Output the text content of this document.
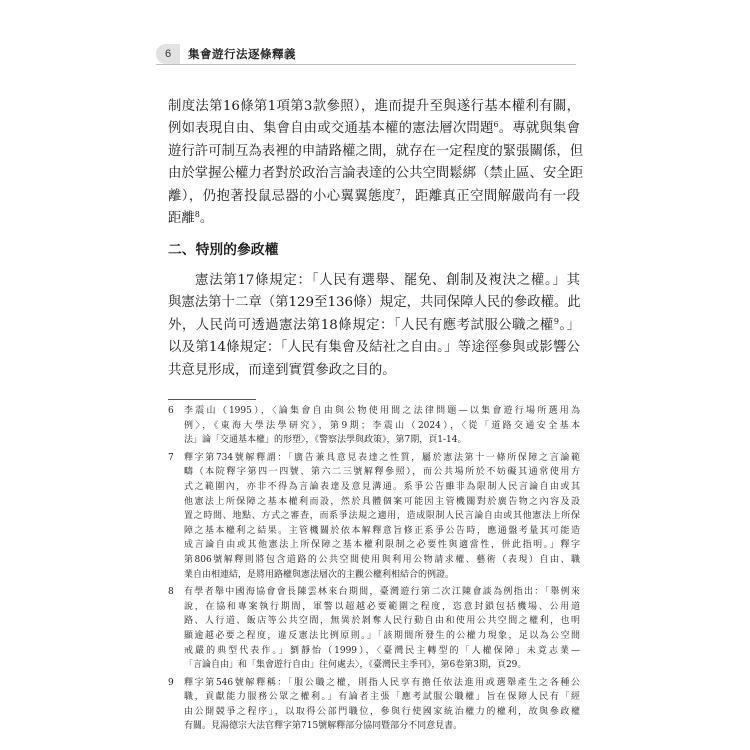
6	集會遊行法逐條釋義
制度法第16條第1項第3款參照），進而提升至與遂行基本權利有關，
例如表現自由、集會自由或交通基本權的憲法層次問題$^6$。專就與集會
遊行許可制互為表裡的申請路權之間，就存在一定程度的緊張關係，但
由於掌握公權力者對於政治言論表達的公共空間鬆綁（禁止區、安全距
離），仍抱著投鼠忌器的小心翼翼態度$^7$，距離真正空間解嚴尚有一段
距離$^8$。
二、特別的參政權
憲法第17條規定：「人民有選舉、罷免、創制及複決之權。」其
與憲法第十二章（第129至136條）規定，共同保障人民的參政權。此
外，人民尚可透過憲法第18條規定：「人民有應考試服公職之權$^9$。」
以及第14條規定：「人民有集會及結社之自由。」等途徑參與或影響公
共意見形成，而達到實質參政之目的。
6	李震山（1995），〈論集會自由與公物使用間之法律問題—以集會遊行場所選用為
例〉，《東海大學法學研究》，第9期；李震山（2024），〈從「道路交通安全基本
法」論「交通基本權」的形塑〉，《警察法學與政策》，第7期，頁1-14。
7	釋字第734號解釋謂：「廣告兼具意見表達之性質，屬於憲法第十一條所保障之言論範
疇（本院釋字第四一四號、第六二三號解釋參照），而公共場所於不妨礙其通常使用方
式之範圍內，亦非不得為言論表達及意見溝通。系爭公告雖非為限制人民言論自由或其
他憲法上所保障之基本權利而設，然於具體個案可能因主管機關對於廣告物之內容及設
置之時間、地點、方式之審查，而系爭法規之適用，造成限制人民言論自由或其他憲法上所保
障之基本權利之結果。主管機關於依本解釋意旨修正系爭公告時，應通盤考量其可能造
成言論自由或其他憲法上所保障之基本權利限制之必要性與適當性，併此指明。」釋字
第806號解釋則將包含道路的公共空間使用與利用公物請求權、藝術（表現）自由、職
業自由相連結，是將用路權與憲法層次的主觀公權利相結合的例證。
8	有學者舉中國海協會會長陳雲林來台期間，臺灣遊行第二次江陳會談為例指出：「舉例來
說，在協和專案執行期間，軍警以超越必要範圍之程度，恣意封鎖包括機場、公用道
路、人行道、飯店等公共空間，無異於剝奪人民行動自由和使用公共空間之權利，也明
顯逾越必要之程度，違反憲法比例原則。」「該期間所發生的公權力現象，足以為公空間
戒嚴的典型代表作。」劉靜怡（1999），〈臺灣民主轉型的「人權保障」未竟志業—
「言論自由」和「集會遊行自由」往何處去〉，《臺灣民主季刊》，第6卷第3期，頁29。
9	釋字第546號解釋稱：「服公職之權，則指人民享有擔任依法進用或選舉產生之各種公
職，貢獻能力服務公眾之權利。」有論者主張「應考試服公職權」旨在保障人民有「經
由公開競爭之程序」，以取得公部門職位，參與行使國家統治權力的權利，故與參政權
有關。見湯德宗大法官釋字第715號解釋部分協同暨部分不同意見書。
